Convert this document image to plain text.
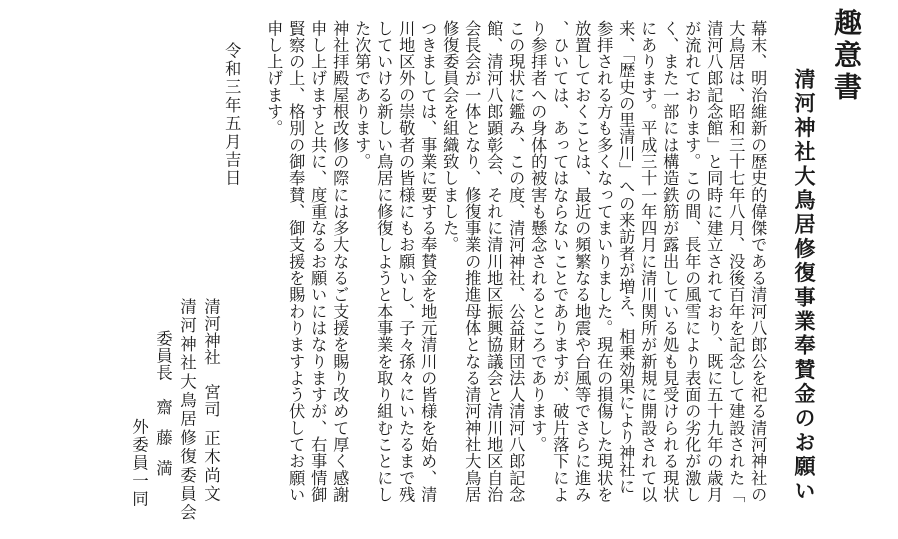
趣意書
清河神社大鳥居修復事業奉賛金のお願い
幕末、明治維新の歴史的偉傑である清河八郎公を祀る清河神社の
大鳥居は、昭和三十七年八月、没後百年を記念して建設された「
清河八郎記念館」と同時に建立されており、既に五十九年の歳月
が流れております。この間、長年の風雪により表面の劣化が激し
く、また一部には構造鉄筋が露出している処も見受けられる現状
にあります。平成三十一年四月に清川関所が新規に開設されて以
来、「歴史の里清川」への来訪者が増え、相乗効果により神社に
参拝される方も多くなってまいりました。現在の損傷した現状を
放置しておくことは、最近の頻繁なる地震や台風等でさらに進み
、ひいては、あってはならないことでありますが、破片落下によ
り参拝者への身体的被害も懸念されるところであります。
この現状に鑑み、この度、清河神社、公益財団法人清河八郎記念
館、清河八郎顕彰会、それに清川地区振興協議会と清川地区自治
会長会が一体となり、修復事業の推進母体となる清河神社大鳥居
修復委員会を組織致しました。
つきましては、事業に要する奉賛金を地元清川の皆様を始め、清
川地区外の崇敬者の皆様にもお願いし、子々孫々にいたるまで残
していける新しい鳥居に修復しようと本事業を取り組むことにし
た次第であります。
神社拝殿屋根改修の際には多大なるご支援を賜り改めて厚く感謝
申し上げますと共に、度重なるお願いにはなりますが、右事情御
賢察の上、格別の御奉賛、御支援を賜わりますよう伏してお願い
申し上げます。
令和三年五月吉日
清河神社宮司正木尚文
清河神社大鳥居修復委員会
委員長齋藤満
外委員一同
